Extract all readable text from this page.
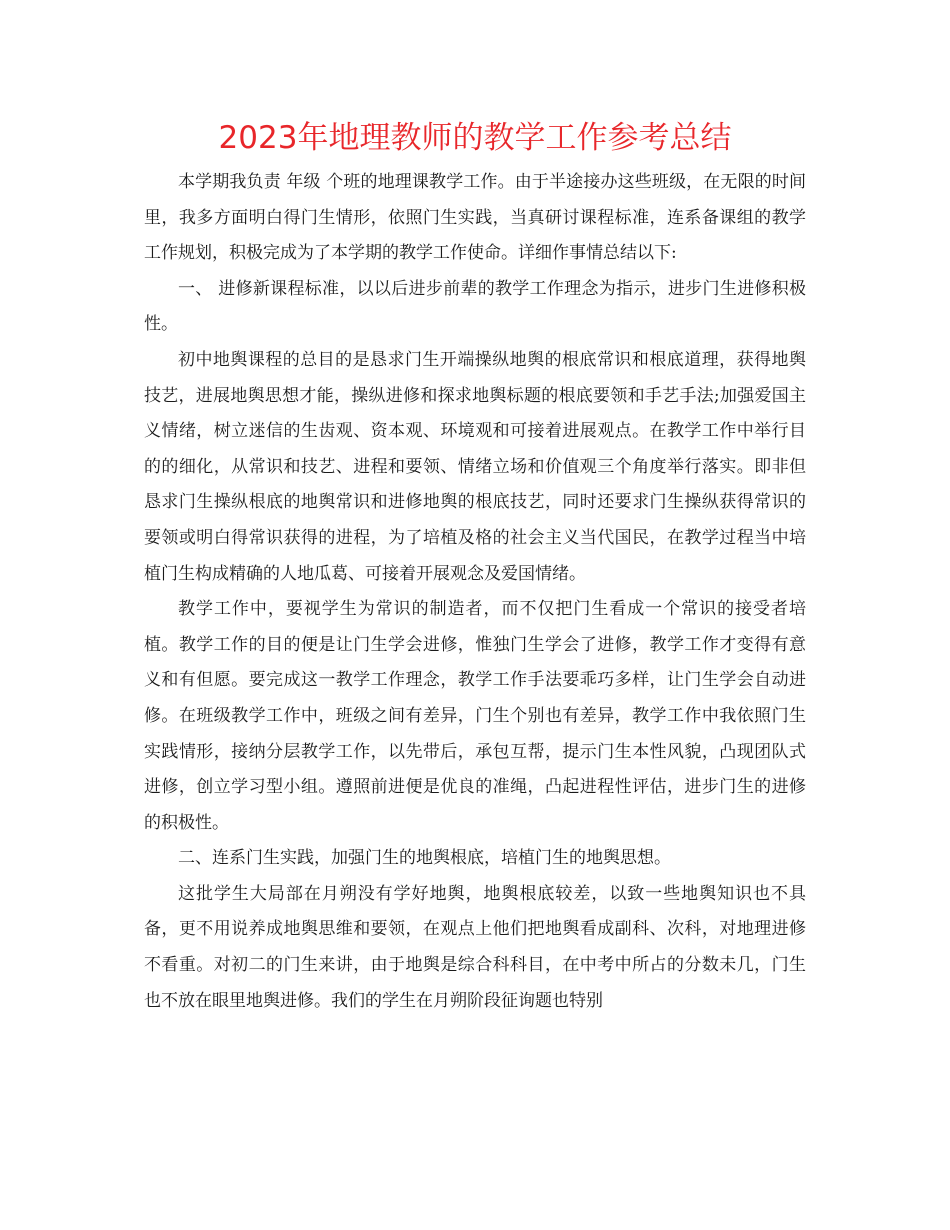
2023年地理教师的教学工作参考总结

本学期我负责 年级 个班的地理课教学工作。由于半途接办这些班级，在无限的时间里，我多方面明白得门生情形，依照门生实践，当真研讨课程标准，连系备课组的教学工作规划，积极完成为了本学期的教学工作使命。详细作事情总结以下:

一、 进修新课程标准，以以后进步前辈的教学工作理念为指示，进步门生进修积极性。

初中地舆课程的总目的是恳求门生开端操纵地舆的根底常识和根底道理，获得地舆技艺，进展地舆思想才能，操纵进修和探求地舆标题的根底要领和手艺手法;加强爱国主义情绪，树立迷信的生齿观、资本观、环境观和可接着进展观点。在教学工作中举行目的的细化，从常识和技艺、进程和要领、情绪立场和价值观三个角度举行落实。即非但恳求门生操纵根底的地舆常识和进修地舆的根底技艺，同时还要求门生操纵获得常识的要领或明白得常识获得的进程，为了培植及格的社会主义当代国民，在教学过程当中培植门生构成精确的人地瓜葛、可接着开展观念及爱国情绪。

教学工作中，要视学生为常识的制造者，而不仅把门生看成一个常识的接受者培植。教学工作的目的便是让门生学会进修，惟独门生学会了进修，教学工作才变得有意义和有但愿。要完成这一教学工作理念，教学工作手法要乖巧多样，让门生学会自动进修。在班级教学工作中，班级之间有差异，门生个别也有差异，教学工作中我依照门生实践情形，接纳分层教学工作，以先带后，承包互帮，提示门生本性风貌，凸现团队式进修，创立学习型小组。遵照前进便是优良的准绳，凸起进程性评估，进步门生的进修的积极性。

二、连系门生实践，加强门生的地舆根底，培植门生的地舆思想。

这批学生大局部在月朔没有学好地舆，地舆根底较差，以致一些地舆知识也不具备，更不用说养成地舆思维和要领，在观点上他们把地舆看成副科、次科，对地理进修不看重。对初二的门生来讲，由于地舆是综合科科目，在中考中所占的分数未几，门生也不放在眼里地舆进修。我们的学生在月朔阶段征询题也特别
